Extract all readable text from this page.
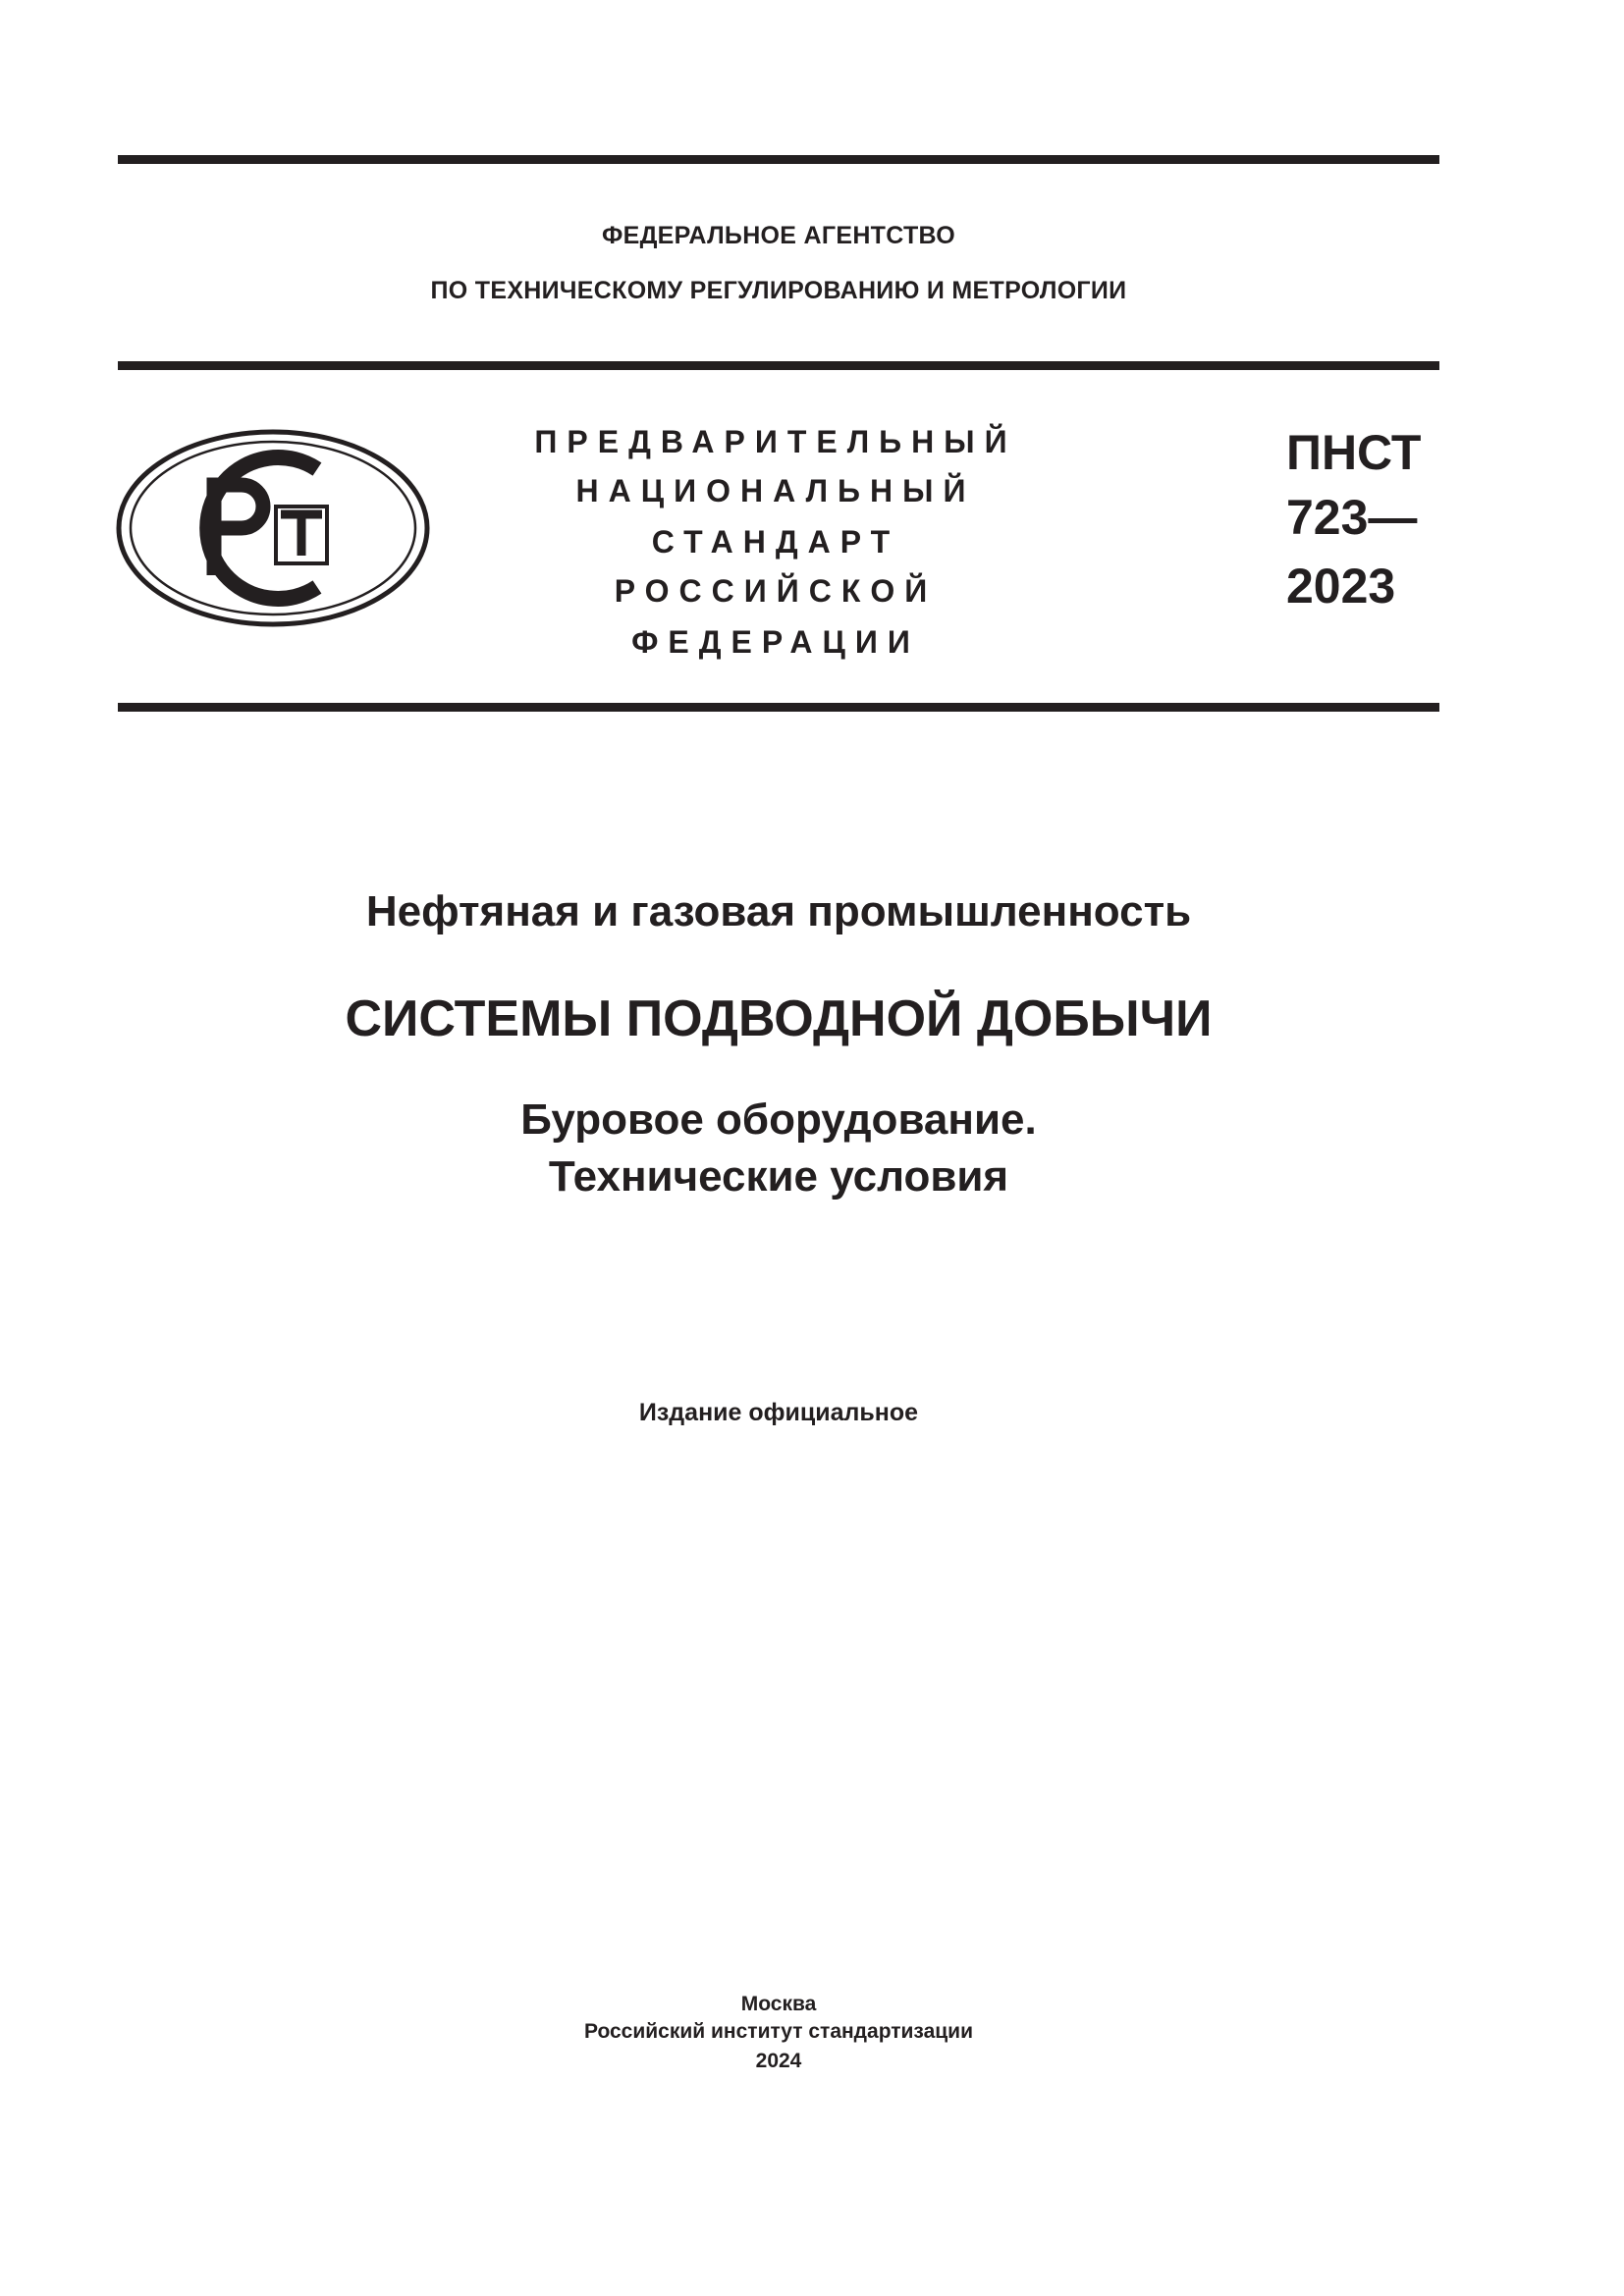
ФЕДЕРАЛЬНОЕ АГЕНТСТВО
ПО ТЕХНИЧЕСКОМУ РЕГУЛИРОВАНИЮ И МЕТРОЛОГИИ
ПРЕДВАРИТЕЛЬНЫЙ
НАЦИОНАЛЬНЫЙ
СТАНДАРТ
РОССИЙСКОЙ
ФЕДЕРАЦИИ
ПНСТ
723—
2023
Нефтяная и газовая промышленность
СИСТЕМЫ ПОДВОДНОЙ ДОБЫЧИ
Буровое оборудование.
Технические условия
Издание официальное
Москва
Российский институт стандартизации
2024
